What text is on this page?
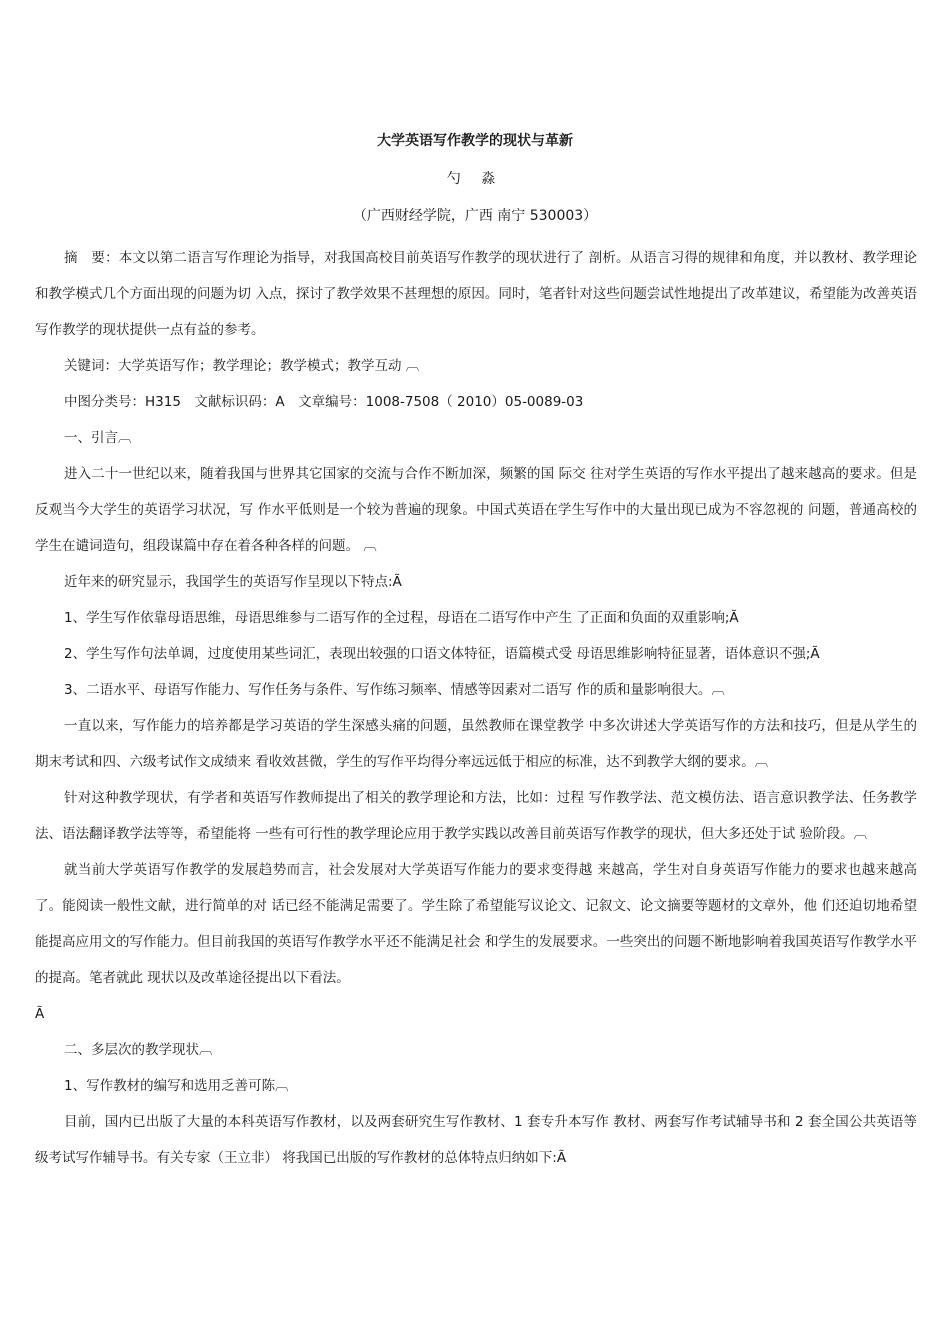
大学英语写作教学的现状与革新
勺 淼
（广西财经学院，广西 南宁 530003）

摘　要：本文以第二语言写作理论为指导，对我国高校目前英语写作教学的现状进行了 剖析。从语言习得的规律和角度，并以教材、教学理论和教学模式几个方面出现的问题为切 入点，探讨了教学效果不甚理想的原因。同时，笔者针对这些问题尝试性地提出了改革建议，希望能为改善英语写作教学的现状提供一点有益的参考。

关键词：大学英语写作；教学理论；教学模式；教学互动 ︹

中图分类号：H315　文献标识码：A　文章编号：1008-7508（ 2010）05-0089-03

一、引言︹

进入二十一世纪以来，随着我国与世界其它国家的交流与合作不断加深，频繁的国 际交 往对学生英语的写作水平提出了越来越高的要求。但是反观当今大学生的英语学习状况，写 作水平低则是一个较为普遍的现象。中国式英语在学生写作中的大量出现已成为不容忽视的 问题，普通高校的学生在谴词造句，组段谋篇中存在着各种各样的问题。 ︹

近年来的研究显示，我国学生的英语写作呈现以下特点:Ã

1、学生写作依靠母语思维，母语思维参与二语写作的全过程，母语在二语写作中产生 了正面和负面的双重影响;Ã

2、学生写作句法单调，过度使用某些词汇，表现出较强的口语文体特征，语篇模式受 母语思维影响特征显著，语体意识不强;Ã

3、二语水平、母语写作能力、写作任务与条件、写作练习频率、情感等因素对二语写 作的质和量影响很大。︹

一直以来，写作能力的培养都是学习英语的学生深感头痛的问题，虽然教师在课堂教学 中多次讲述大学英语写作的方法和技巧，但是从学生的期末考试和四、六级考试作文成绩来 看收效甚微，学生的写作平均得分率远远低于相应的标准，达不到教学大纲的要求。︹

针对这种教学现状，有学者和英语写作教师提出了相关的教学理论和方法，比如：过程 写作教学法、范文模仿法、语言意识教学法、任务教学法、语法翻译教学法等等，希望能将 一些有可行性的教学理论应用于教学实践以改善目前英语写作教学的现状，但大多还处于试 验阶段。︹

就当前大学英语写作教学的发展趋势而言，社会发展对大学英语写作能力的要求变得越 来越高，学生对自身英语写作能力的要求也越来越高了。能阅读一般性文献，进行简单的对 话已经不能满足需要了。学生除了希望能写议论文、记叙文、论文摘要等题材的文章外，他 们还迫切地希望能提高应用文的写作能力。但目前我国的英语写作教学水平还不能满足社会 和学生的发展要求。一些突出的问题不断地影响着我国英语写作教学水平的提高。笔者就此 现状以及改革途径提出以下看法。

Ã

二、多层次的教学现状︹

1、写作教材的编写和选用乏善可陈︹

目前，国内已出版了大量的本科英语写作教材，以及两套研究生写作教材、1 套专升本写作 教材、两套写作考试辅导书和 2 套全国公共英语等级考试写作辅导书。有关专家（王立非） 将我国已出版的写作教材的总体特点归纳如下:Ã
